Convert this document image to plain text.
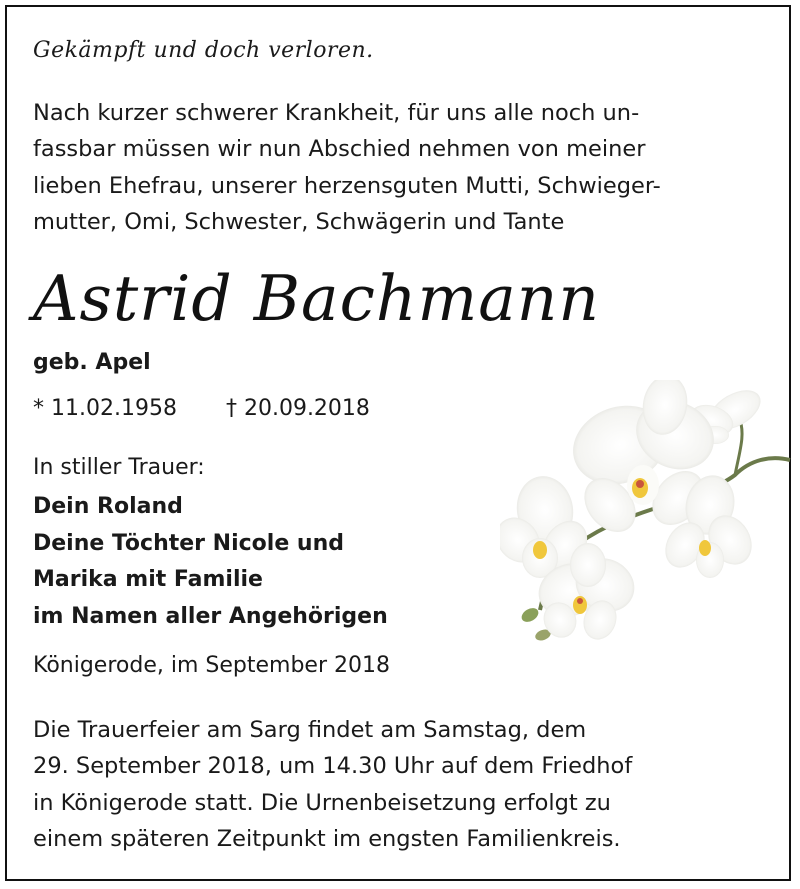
Gekämpft und doch verloren.
Nach kurzer schwerer Krankheit, für uns alle noch un-
fassbar müssen wir nun Abschied nehmen von meiner
lieben Ehefrau, unserer herzensguten Mutti, Schwieger-
mutter, Omi, Schwester, Schwägerin und Tante
Astrid Bachmann
geb. Apel
* 11.02.1958 † 20.09.2018
In stiller Trauer:
Dein Roland
Deine Töchter Nicole und
Marika mit Familie
im Namen aller Angehörigen
Königerode, im September 2018
Die Trauerfeier am Sarg findet am Samstag, dem
29. September 2018, um 14.30 Uhr auf dem Friedhof
in Königerode statt. Die Urnenbeisetzung erfolgt zu
einem späteren Zeitpunkt im engsten Familienkreis.
